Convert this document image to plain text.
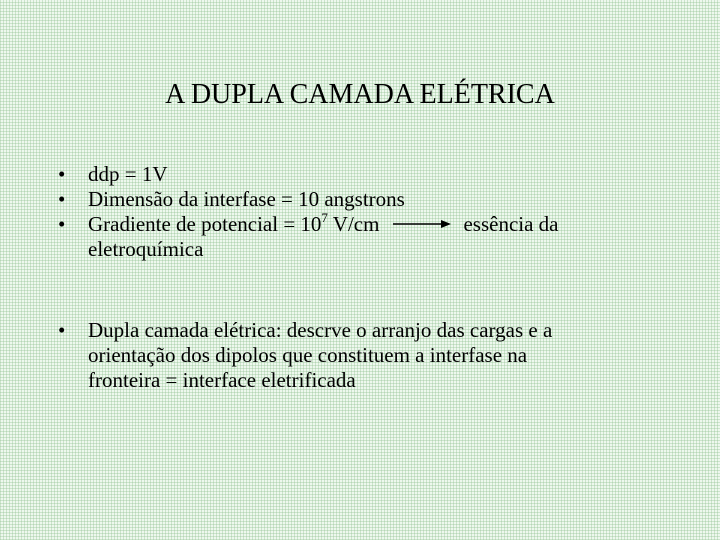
A DUPLA CAMADA ELÉTRICA
• ddp = 1V
• Dimensão da interfase = 10 angstrons
• Gradiente de potencial = $10^7$ V/cm	essência da
eletroquímica
• Dupla camada elétrica: descrve o arranjo das cargas e a
orientação dos dipolos que constituem a interfase na
fronteira = interface eletrificada
